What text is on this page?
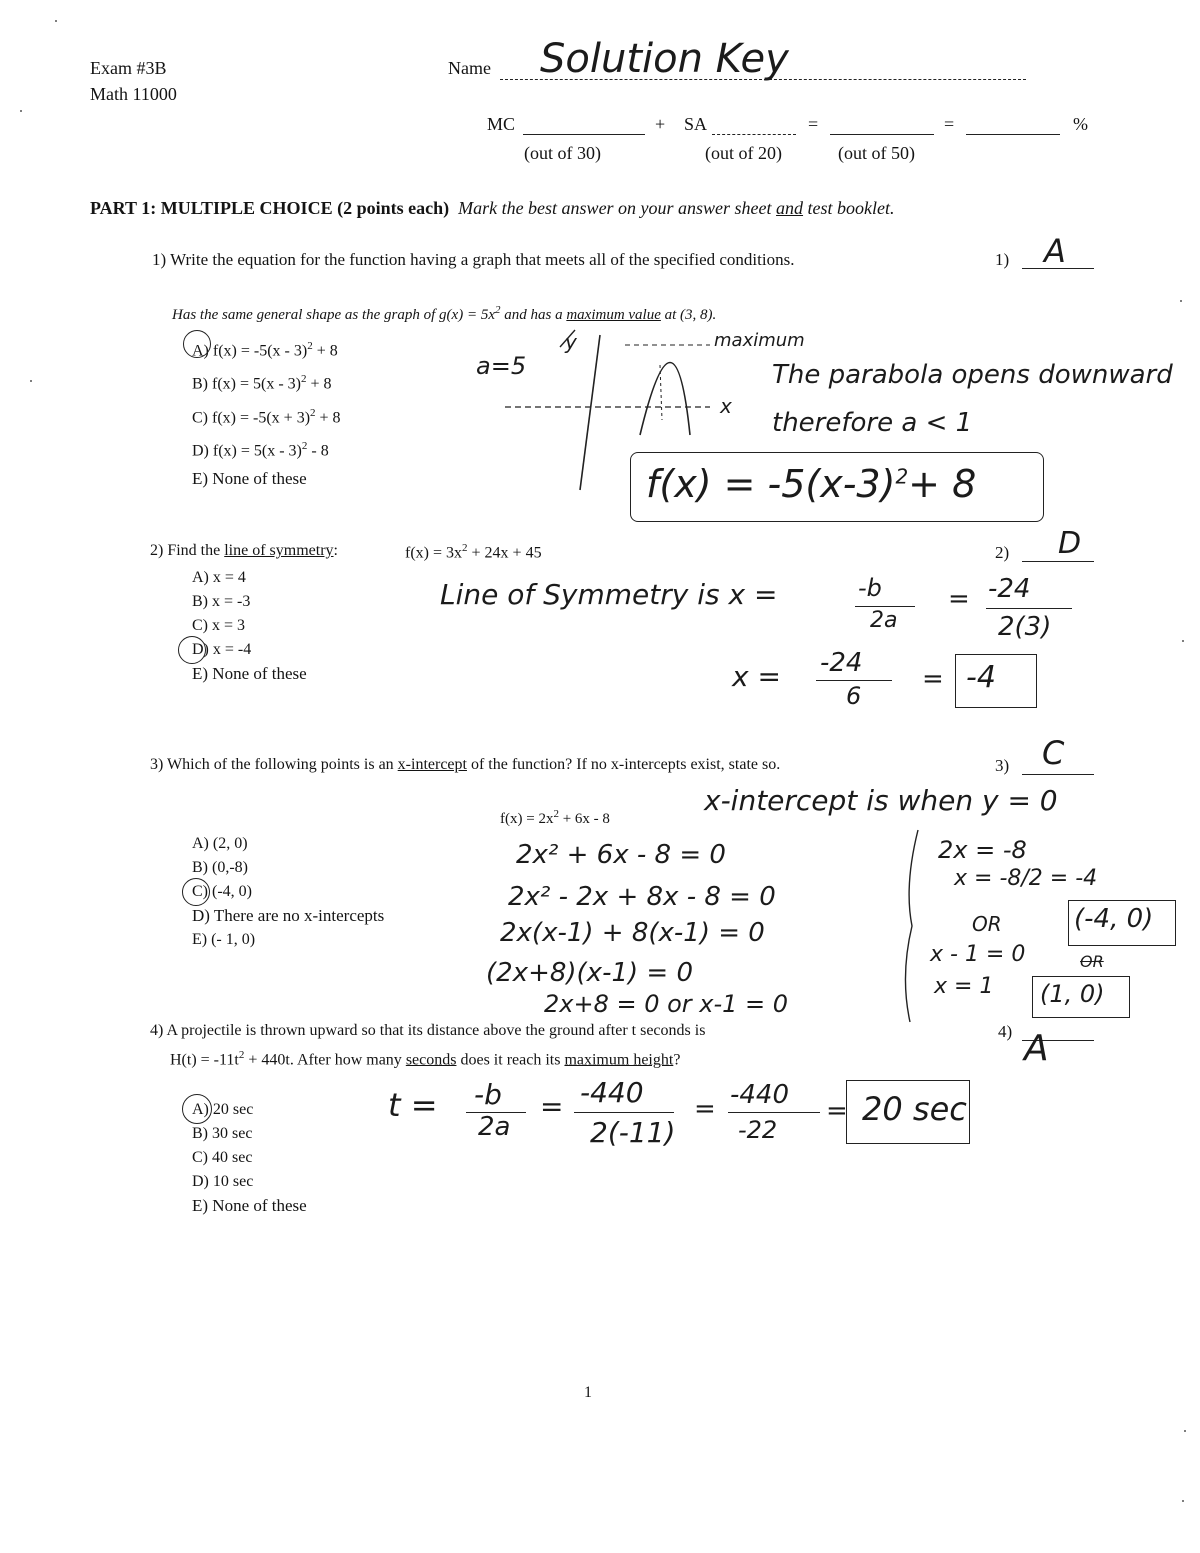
Exam #3B
Math 11000
Name Solution Key
MC	+ SA	=	=	%
(out of 30)	(out of 20)	(out of 50)
PART 1: MULTIPLE CHOICE (2 points each) Mark the best answer on your answer sheet and test booklet.
1) Write the equation for the function having a graph that meets all of the specified conditions.	1) A
Has the same general shape as the graph of $g(x) = 5x^2$ and has a maximum value at (3, 8).
A) f(x) = -5(x - 3)$^2$ + 8
B) f(x) = 5(x - 3)$^2$ + 8
C) $f(x) = -5(x + 3)^2 + 8$
D) f(x) = 5(x - 3)$^2$ - 8
E) None of these
a=5
y
x
maximum
The parabola opens downward
therefore a < 1
$f(x) = -5(x-3)^2+ 8$
2) Find the line of symmetry:	$f(x) = 3x^2 + 24x + 45$	2) D
A) x = 4
B) x = -3
C) x = 3
D) x = -4
E) None of these
Line of Symmetry is x =	-b
2a
= -24
2(3)
x = -24
6
= -4
3) Which of the following points is an x-intercept of the function? If no x-intercepts exist, state so.	3) C
$f(x) = 2x^2 + 6x - 8$
A) (2, 0)
B) (0,-8)
C) (-4, 0)
D) There are no x-intercepts
E) (- 1, 0)
x-intercept is when y = 0
2x² + 6x - 8 = 0
2x² - 2x + 8x - 8 = 0
2x(x-1) + 8(x-1) = 0
(2x+8)(x-1) = 0
2x+8 = 0 or x-1 = 0
2x = -8
x = -8/2 = -4
OR	(-4, 0)
x - 1 = 0
x = 1
OR
(1, 0)
4) A projectile is thrown upward so that its distance above the ground after t seconds is
$H(t) = -11t^2 + 440t$. After how many seconds does it reach its maximum height?
4) A
A) 20 sec
B) 30 sec
C) 40 sec
D) 10 sec
E) None of these
t = -b
2a
= -440
2(-11)
= -440
-22
= 20 sec
1
